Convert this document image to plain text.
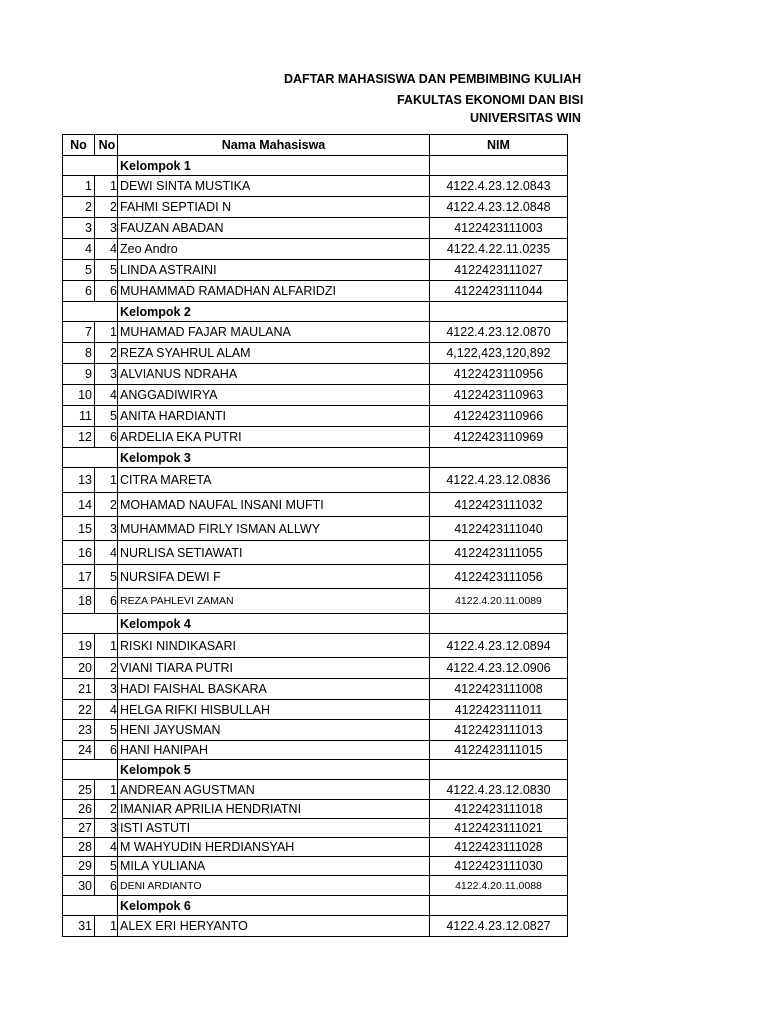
DAFTAR MAHASISWA DAN PEMBIMBING KULIAH
FAKULTAS EKONOMI DAN BISI
UNIVERSITAS WIN
No	No	Nama Mahasiswa	NIM
		Kelompok 1	
1	1	DEWI SINTA MUSTIKA	4122.4.23.12.0843
2	2	FAHMI SEPTIADI N	4122.4.23.12.0848
3	3	FAUZAN ABADAN	4122423111003
4	4	Zeo Andro	4122.4.22.11.0235
5	5	LINDA ASTRAINI	4122423111027
6	6	MUHAMMAD RAMADHAN ALFARIDZI	4122423111044
		Kelompok 2	
7	1	MUHAMAD FAJAR MAULANA	4122.4.23.12.0870
8	2	REZA SYAHRUL ALAM	4,122,423,120,892
9	3	ALVIANUS NDRAHA	4122423110956
10	4	ANGGADIWIRYA	4122423110963
11	5	ANITA HARDIANTI	4122423110966
12	6	ARDELIA EKA PUTRI	4122423110969
		Kelompok 3	
13	1	CITRA MARETA	4122.4.23.12.0836
14	2	MOHAMAD NAUFAL INSANI MUFTI	4122423111032
15	3	MUHAMMAD FIRLY ISMAN ALLWY	4122423111040
16	4	NURLISA SETIAWATI	4122423111055
17	5	NURSIFA DEWI F	4122423111056
18	6	REZA PAHLEVI ZAMAN	4122.4.20.11.0089
		Kelompok 4	
19	1	RISKI NINDIKASARI	4122.4.23.12.0894
20	2	VIANI TIARA PUTRI	4122.4.23.12.0906
21	3	HADI FAISHAL BASKARA	4122423111008
22	4	HELGA RIFKI HISBULLAH	4122423111011
23	5	HENI JAYUSMAN	4122423111013
24	6	HANI HANIPAH	4122423111015
		Kelompok 5	
25	1	ANDREAN AGUSTMAN	4122.4.23.12.0830
26	2	IMANIAR APRILIA HENDRIATNI	4122423111018
27	3	ISTI ASTUTI	4122423111021
28	4	M WAHYUDIN HERDIANSYAH	4122423111028
29	5	MILA YULIANA	4122423111030
30	6	DENI ARDIANTO	4122.4.20.11.0088
		Kelompok 6	
31	1	ALEX ERI HERYANTO	4122.4.23.12.0827
